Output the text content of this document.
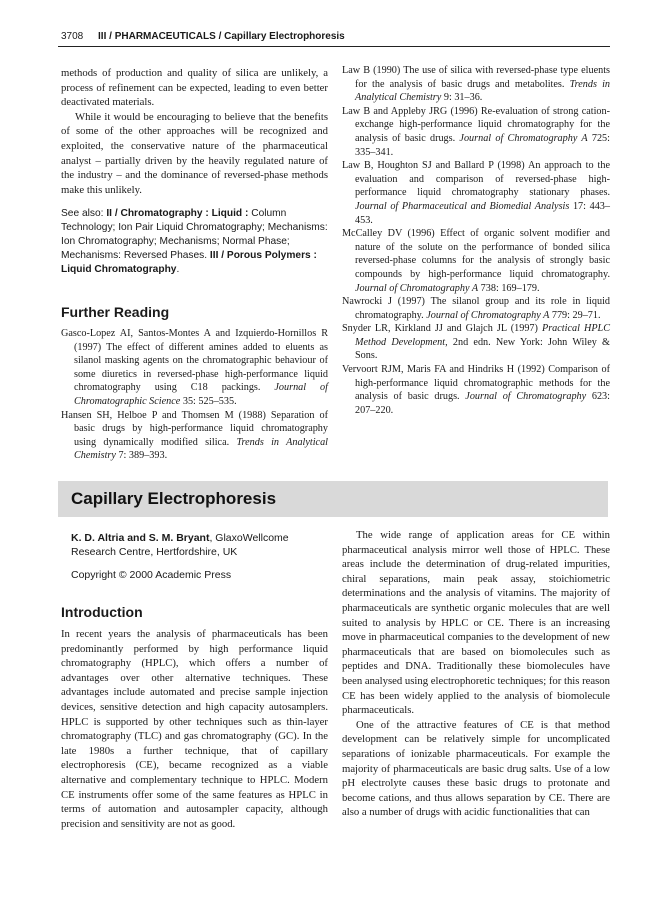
3708 III / PHARMACEUTICALS / Capillary Electrophoresis

methods of production and quality of silica are unlikely, a process of refinement can be expected, leading to even better deactivated materials.

While it would be encouraging to believe that the benefits of some of the other approaches will be recognized and exploited, the conservative nature of the pharmaceutical analyst – partially driven by the heavily regulated nature of the industry – and the dominance of reversed-phase methods make this unlikely.

See also: II / Chromatography : Liquid : Column Technology; Ion Pair Liquid Chromatography; Mechanisms: Ion Chromatography; Mechanisms; Normal Phase; Mechanisms: Reversed Phases. III / Porous Polymers : Liquid Chromatography.

Further Reading

Gasco-Lopez AI, Santos-Montes A and Izquierdo-Hornillos R (1997) The effect of different amines added to eluents as silanol masking agents on the chromatographic behaviour of some diuretics in reversed-phase high-performance liquid chromatography using C18 packings. Journal of Chromatographic Science 35: 525–535.

Hansen SH, Helboe P and Thomsen M (1988) Separation of basic drugs by high-performance liquid chromatography using dynamically modified silica. Trends in Analytical Chemistry 7: 389–393.

Law B (1990) The use of silica with reversed-phase type eluents for the analysis of basic drugs and metabolites. Trends in Analytical Chemistry 9: 31–36.

Law B and Appleby JRG (1996) Re-evaluation of strong cation-exchange high-performance liquid chromatography for the analysis of basic drugs. Journal of Chromatography A 725: 335–341.

Law B, Houghton SJ and Ballard P (1998) An approach to the evaluation and comparison of reversed-phase high-performance liquid chromatography stationary phases. Journal of Pharmaceutical and Biomedial Analysis 17: 443–453.

McCalley DV (1996) Effect of organic solvent modifier and nature of the solute on the performance of bonded silica reversed-phase columns for the analysis of strongly basic compounds by high-performance liquid chromatography. Journal of Chromatography A 738: 169–179.

Nawrocki J (1997) The silanol group and its role in liquid chromatography. Journal of Chromatography A 779: 29–71.

Snyder LR, Kirkland JJ and Glajch JL (1997) Practical HPLC Method Development, 2nd edn. New York: John Wiley & Sons.

Vervoort RJM, Maris FA and Hindriks H (1992) Comparison of high-performance liquid chromatographic methods for the analysis of basic drugs. Journal of Chromatography 623: 207–220.

Capillary Electrophoresis

K. D. Altria and S. M. Bryant, GlaxoWellcome Research Centre, Hertfordshire, UK

Copyright © 2000 Academic Press

Introduction

In recent years the analysis of pharmaceuticals has been predominantly performed by high performance liquid chromatography (HPLC), which offers a number of advantages over other alternative techniques. These advantages include automated and precise sample injection devices, sensitive detection and high capacity autosamplers. HPLC is supported by other techniques such as thin-layer chromatography (TLC) and gas chromatography (GC). In the late 1980s a further technique, that of capillary electrophoresis (CE), became recognized as a viable alternative and complementary technique to HPLC. Modern CE instruments offer some of the same features as HPLC in terms of automation and autosampler capacity, although precision and sensitivity are not as good.

The wide range of application areas for CE within pharmaceutical analysis mirror well those of HPLC. These areas include the determination of drug-related impurities, chiral separations, main peak assay, stoichiometric determinations and the analysis of vitamins. The majority of pharmaceuticals are synthetic organic molecules that are well suited to analysis by HPLC or CE. There is an increasing move in pharmaceutical companies to the development of new pharmaceuticals that are based on biomolecules such as peptides and DNA. Traditionally these biomolecules have been analysed using electrophoretic techniques; for this reason CE has been widely applied to the analysis of biomolecule pharmaceuticals.

One of the attractive features of CE is that method development can be relatively simple for uncomplicated separations of ionizable pharmaceuticals. For example the majority of pharmaceuticals are basic drug salts. Use of a low pH electrolyte causes these basic drugs to protonate and become cations, and thus allows separation by CE. There are also a number of drugs with acidic functionalities that can
